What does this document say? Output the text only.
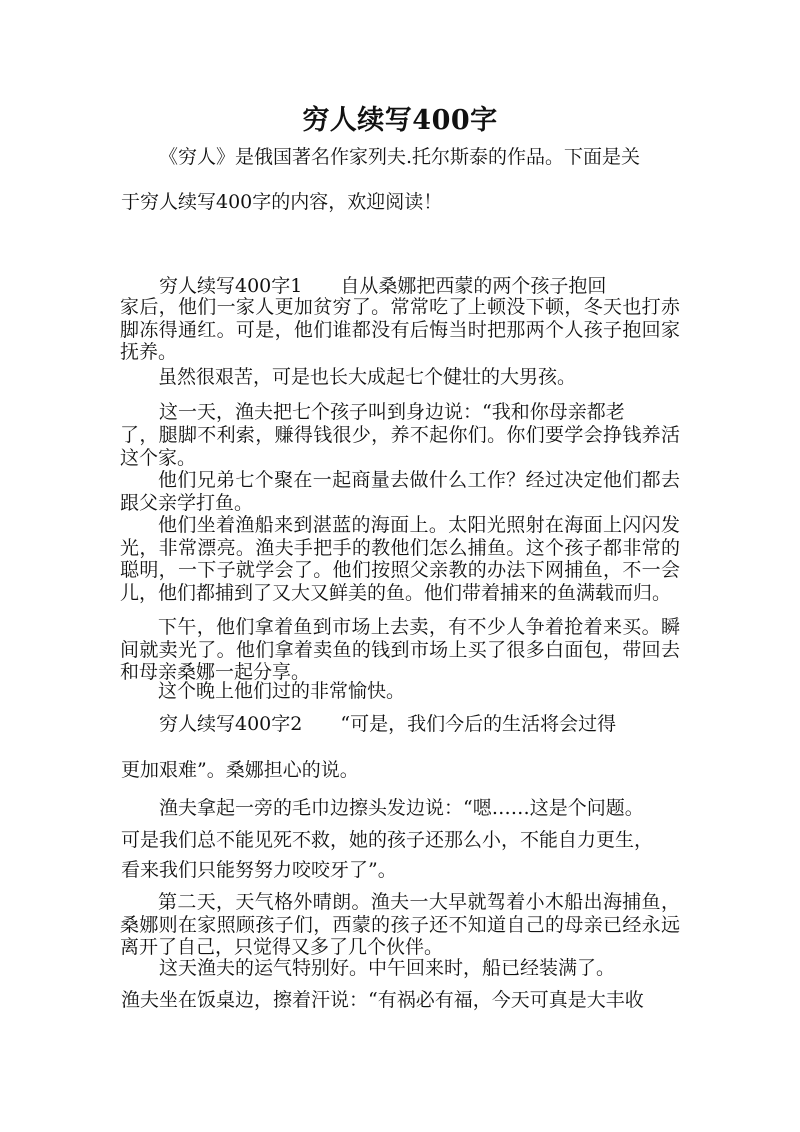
穷人续写400字

《穷人》是俄国著名作家列夫.托尔斯泰的作品。下面是关

于穷人续写400字的内容，欢迎阅读！

穷人续写400字1　　自从桑娜把西蒙的两个孩子抱回

家后，他们一家人更加贫穷了。常常吃了上顿没下顿，冬天也打赤脚冻得通红。可是，他们谁都没有后悔当时把那两个人孩子抱回家抚养。

虽然很艰苦，可是也长大成起七个健壮的大男孩。

这一天，渔夫把七个孩子叫到身边说：“我和你母亲都老

了，腿脚不利索，赚得钱很少，养不起你们。你们要学会挣钱养活这个家。

他们兄弟七个聚在一起商量去做什么工作？经过决定他们都去跟父亲学打鱼。

他们坐着渔船来到湛蓝的海面上。太阳光照射在海面上闪闪发光，非常漂亮。渔夫手把手的教他们怎么捕鱼。这个孩子都非常的聪明，一下子就学会了。他们按照父亲教的办法下网捕鱼，不一会儿，他们都捕到了又大又鲜美的鱼。他们带着捕来的鱼满载而归。

下午，他们拿着鱼到市场上去卖，有不少人争着抢着来买。瞬间就卖光了。他们拿着卖鱼的钱到市场上买了很多白面包，带回去和母亲桑娜一起分享。

这个晚上他们过的非常愉快。

穷人续写400字2　　“可是，我们今后的生活将会过得

更加艰难”。桑娜担心的说。

渔夫拿起一旁的毛巾边擦头发边说：“嗯……这是个问题。

可是我们总不能见死不救，她的孩子还那么小，不能自力更生，

看来我们只能努努力咬咬牙了”。

第二天，天气格外晴朗。渔夫一大早就驾着小木船出海捕鱼，桑娜则在家照顾孩子们，西蒙的孩子还不知道自己的母亲已经永远离开了自己，只觉得又多了几个伙伴。

这天渔夫的运气特别好。中午回来时，船已经装满了。

渔夫坐在饭桌边，擦着汗说：“有祸必有福，今天可真是大丰收
